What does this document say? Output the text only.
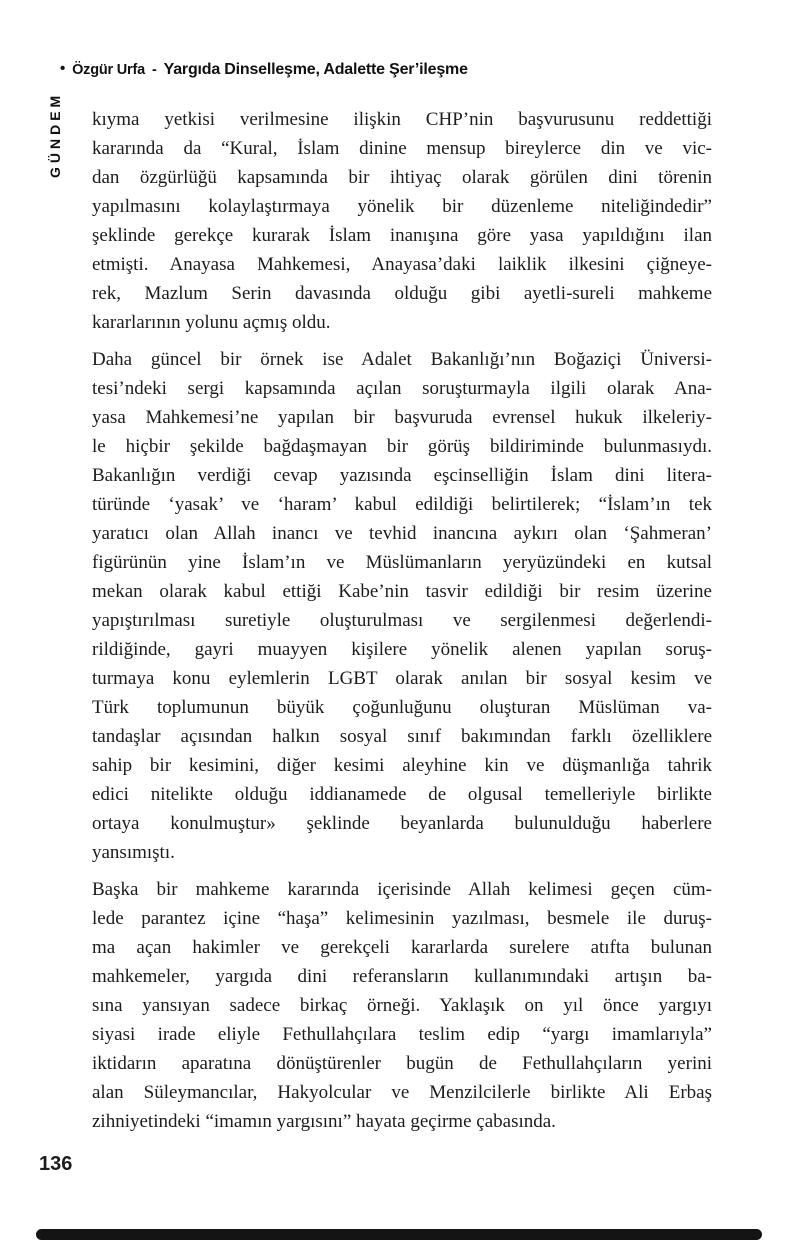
• Özgür Urfa - Yargıda Dinselleşme, Adalette Şer’ileşme
GÜNDEM kıyma yetkisi verilmesine ilişkin CHP’nin başvurusunu reddettiği
kararında da “Kural, İslam dinine mensup bireylerce din ve vic-
dan özgürlüğü kapsamında bir ihtiyaç olarak görülen dini törenin
yapılmasını kolaylaştırmaya yönelik bir düzenleme niteliğindedir”
şeklinde gerekçe kurarak İslam inanışına göre yasa yapıldığını ilan
etmişti. Anayasa Mahkemesi, Anayasa’daki laiklik ilkesini çiğneye-
rek, Mazlum Serin davasında olduğu gibi ayetli-sureli mahkeme
kararlarının yolunu açmış oldu.
Daha güncel bir örnek ise Adalet Bakanlığı’nın Boğaziçi Üniversi-
tesi’ndeki sergi kapsamında açılan soruşturmayla ilgili olarak Ana-
yasa Mahkemesi’ne yapılan bir başvuruda evrensel hukuk ilkeleriy-
le hiçbir şekilde bağdaşmayan bir görüş bildiriminde bulunmasıydı.
Bakanlığın verdiği cevap yazısında eşcinselliğin İslam dini litera-
türünde ‘yasak’ ve ‘haram’ kabul edildiği belirtilerek; “İslam’ın tek
yaratıcı olan Allah inancı ve tevhid inancına aykırı olan ‘Şahmeran’
figürünün yine İslam’ın ve Müslümanların yeryüzündeki en kutsal
mekan olarak kabul ettiği Kabe’nin tasvir edildiği bir resim üzerine
yapıştırılması suretiyle oluşturulması ve sergilenmesi değerlendi-
rildiğinde, gayri muayyen kişilere yönelik alenen yapılan soruş-
turmaya konu eylemlerin LGBT olarak anılan bir sosyal kesim ve
Türk toplumunun büyük çoğunluğunu oluşturan Müslüman va-
tandaşlar açısından halkın sosyal sınıf bakımından farklı özelliklere
sahip bir kesimini, diğer kesimi aleyhine kin ve düşmanlığa tahrik
edici nitelikte olduğu iddianamede de olgusal temelleriyle birlikte
ortaya konulmuştur» şeklinde beyanlarda bulunulduğu haberlere
yansımıştı.
Başka bir mahkeme kararında içerisinde Allah kelimesi geçen cüm-
lede parantez içine “haşa” kelimesinin yazılması, besmele ile duruş-
ma açan hakimler ve gerekçeli kararlarda surelere atıfta bulunan
mahkemeler, yargıda dini referansların kullanımındaki artışın ba-
sına yansıyan sadece birkaç örneği. Yaklaşık on yıl önce yargıyı
siyasi irade eliyle Fethullahçılara teslim edip “yargı imamlarıyla”
iktidarın aparatına dönüştürenler bugün de Fethullahçıların yerini
alan Süleymancılar, Hakyolcular ve Menzilcilerle birlikte Ali Erbaş
zihniyetindeki “imamın yargısını” hayata geçirme çabasında.
136
